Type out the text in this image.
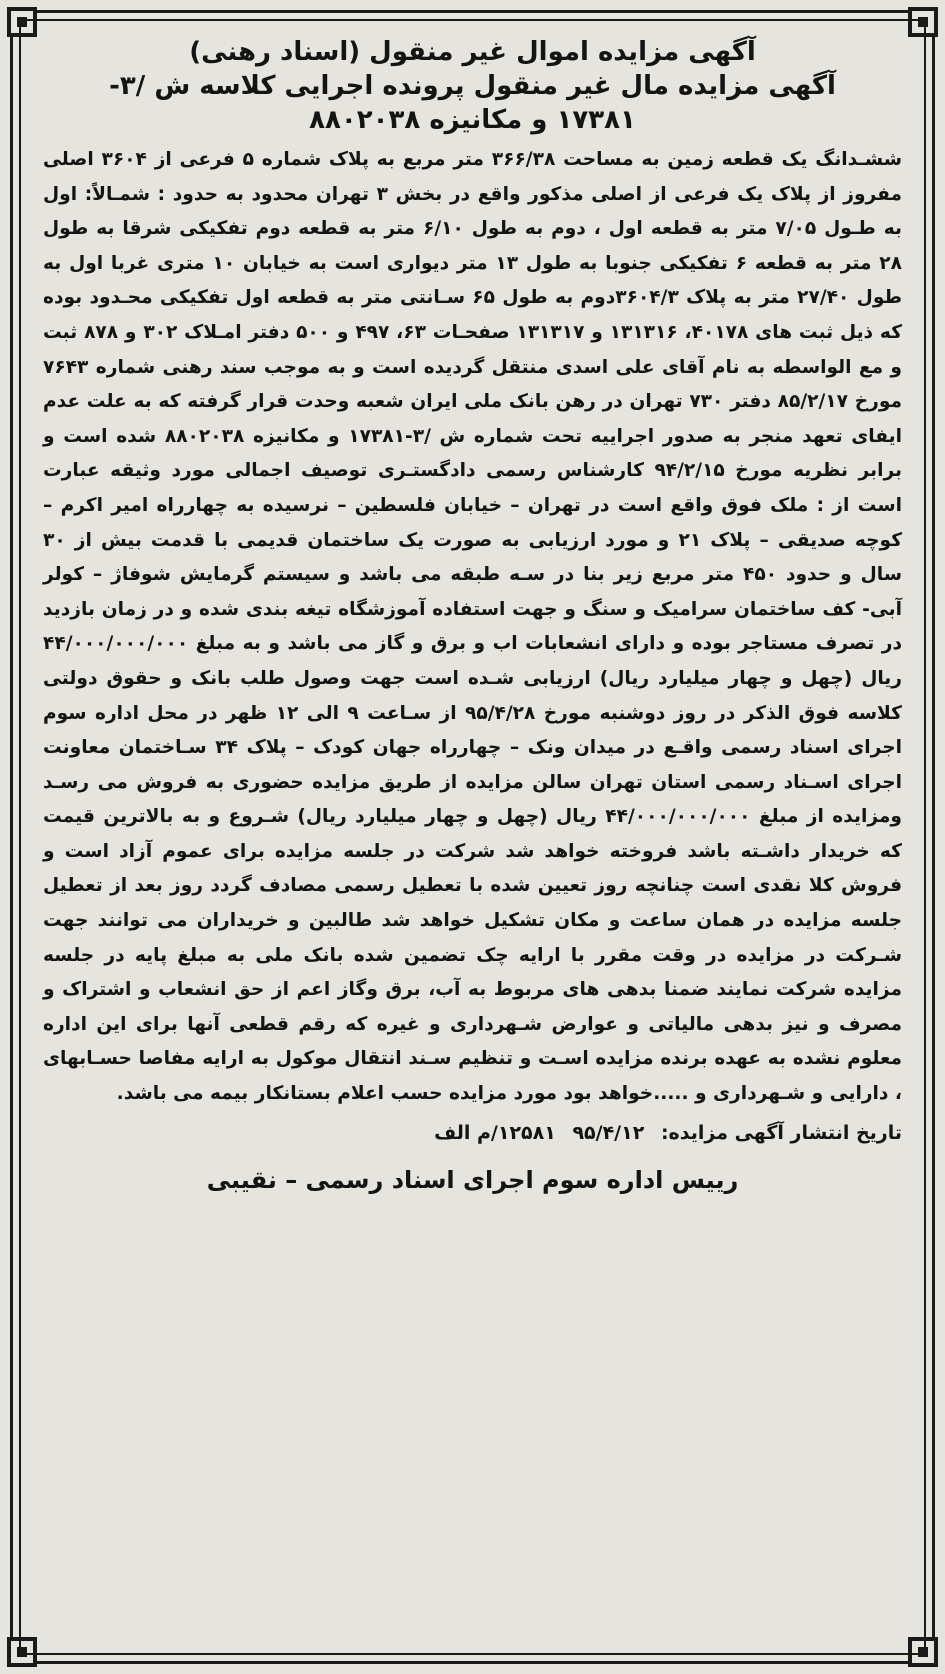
آگهی مزایده اموال غیر منقول (اسناد رهنی)
آگهی مزایده مال غیر منقول پرونده اجرایی کلاسه ش /۳-
۱۷۳۸۱ و مکانیزه ۸۸۰۲۰۳۸

ششـدانگ یک قطعه زمین به مساحت ۳۶۶/۳۸ متر مربع به پلاک شماره ۵ فرعی از ۳۶۰۴ اصلی مفروز از پلاک یک فرعی از اصلی مذکور واقع در بخش ۳ تهران محدود به حدود : شمـالاً: اول به طـول ۷/۰۵ متر به قطعه اول ، دوم به طول ۶/۱۰ متر به قطعه دوم تفکیکی شرقا به طول ۲۸ متر به قطعه ۶ تفکیکی جنوبا به طول ۱۳ متر دیواری است به خیابان ۱۰ متری غربا اول به طول ۲۷/۴۰ متر به پلاک ۳۶۰۴/۳دوم به طول ۶۵ سـانتی متر به قطعه اول تفکیکی محـدود بوده که ذیل ثبت های ۴۰۱۷۸، ۱۳۱۳۱۶ و ۱۳۱۳۱۷ صفحـات ۶۳، ۴۹۷ و ۵۰۰ دفتر امـلاک ۳۰۲ و ۸۷۸ ثبت و مع الواسطه به نام آقای علی اسدی منتقل گردیده است و به موجب سند رهنی شماره ۷۶۴۳ مورخ ۸۵/۲/۱۷ دفتر ۷۳۰ تهران در رهن بانک ملی ایران شعبه وحدت قرار گرفته که به علت عدم ایفای تعهد منجر به صدور اجراییه تحت شماره ش /۳-۱۷۳۸۱ و مکانیزه ۸۸۰۲۰۳۸ شده است و برابر نظریه مورخ ۹۴/۲/۱۵ کارشناس رسمی دادگستـری توصیف اجمالی مورد وثیقه عبارت است از : ملک فوق واقع است در تهران – خیابان فلسطین – نرسیده به چهارراه امیر اکرم – کوچه صدیقی – پلاک ۲۱ و مورد ارزیابی به صورت یک ساختمان قدیمی با قدمت بیش از ۳۰ سال و حدود ۴۵۰ متر مربع زیر بنا در سـه طبقه می باشد و سیستم گرمایش شوفاژ – کولر آبی- کف ساختمان سرامیک و سنگ و جهت استفاده آموزشگاه تیغه بندی شده و در زمان بازدید در تصرف مستاجر بوده و دارای انشعابات اب و برق و گاز می باشد و به مبلغ ۴۴/۰۰۰/۰۰۰/۰۰۰ ریال (چهل و چهار میلیارد ریال) ارزیابی شـده است جهت وصول طلب بانک و حقوق دولتی کلاسه فوق الذکر در روز دوشنبه مورخ ۹۵/۴/۲۸ از سـاعت ۹ الی ۱۲ ظهر در محل اداره سوم اجرای اسناد رسمی واقـع در میدان ونک – چهارراه جهان کودک – پلاک ۳۴ سـاختمان معاونت اجرای اسـناد رسمی استان تهران سالن مزایده از طریق مزایده حضوری به فروش می رسـد ومزایده از مبلغ ۴۴/۰۰۰/۰۰۰/۰۰۰ ریال (چهل و چهار میلیارد ریال) شـروع و به بالاترین قیمت که خریدار داشـته باشد فروخته خواهد شد شرکت در جلسه مزایده برای عموم آزاد است و فروش کلا نقدی است چنانچه روز تعیین شده با تعطیل رسمی مصادف گردد روز بعد از تعطیل جلسه مزایده در همان ساعت و مکان تشکیل خواهد شد طالبین و خریداران می توانند جهت شـرکت در مزایده در وقت مقرر با ارایه چک تضمین شده بانک ملی به مبلغ پایه در جلسه مزایده شرکت نمایند ضمنا بدهی های مربوط به آب، برق وگاز اعم از حق انشعاب و اشتراک و مصرف و نیز بدهی مالیاتی و عوارض شـهرداری و غیره که رقم قطعی آنها برای این اداره معلوم نشده به عهده برنده مزایده اسـت و تنظیم سـند انتقال موکول به ارایه مفاصا حسـابهای ، دارایی و شـهرداری و .....خواهد بود مورد مزایده حسب اعلام بستانکار بیمه می باشد.

تاریخ انتشار آگهی مزایده: ۹۵/۴/۱۲ ۱۲۵۸۱/م الف
رییس اداره سوم اجرای اسناد رسمی – نقیبی
